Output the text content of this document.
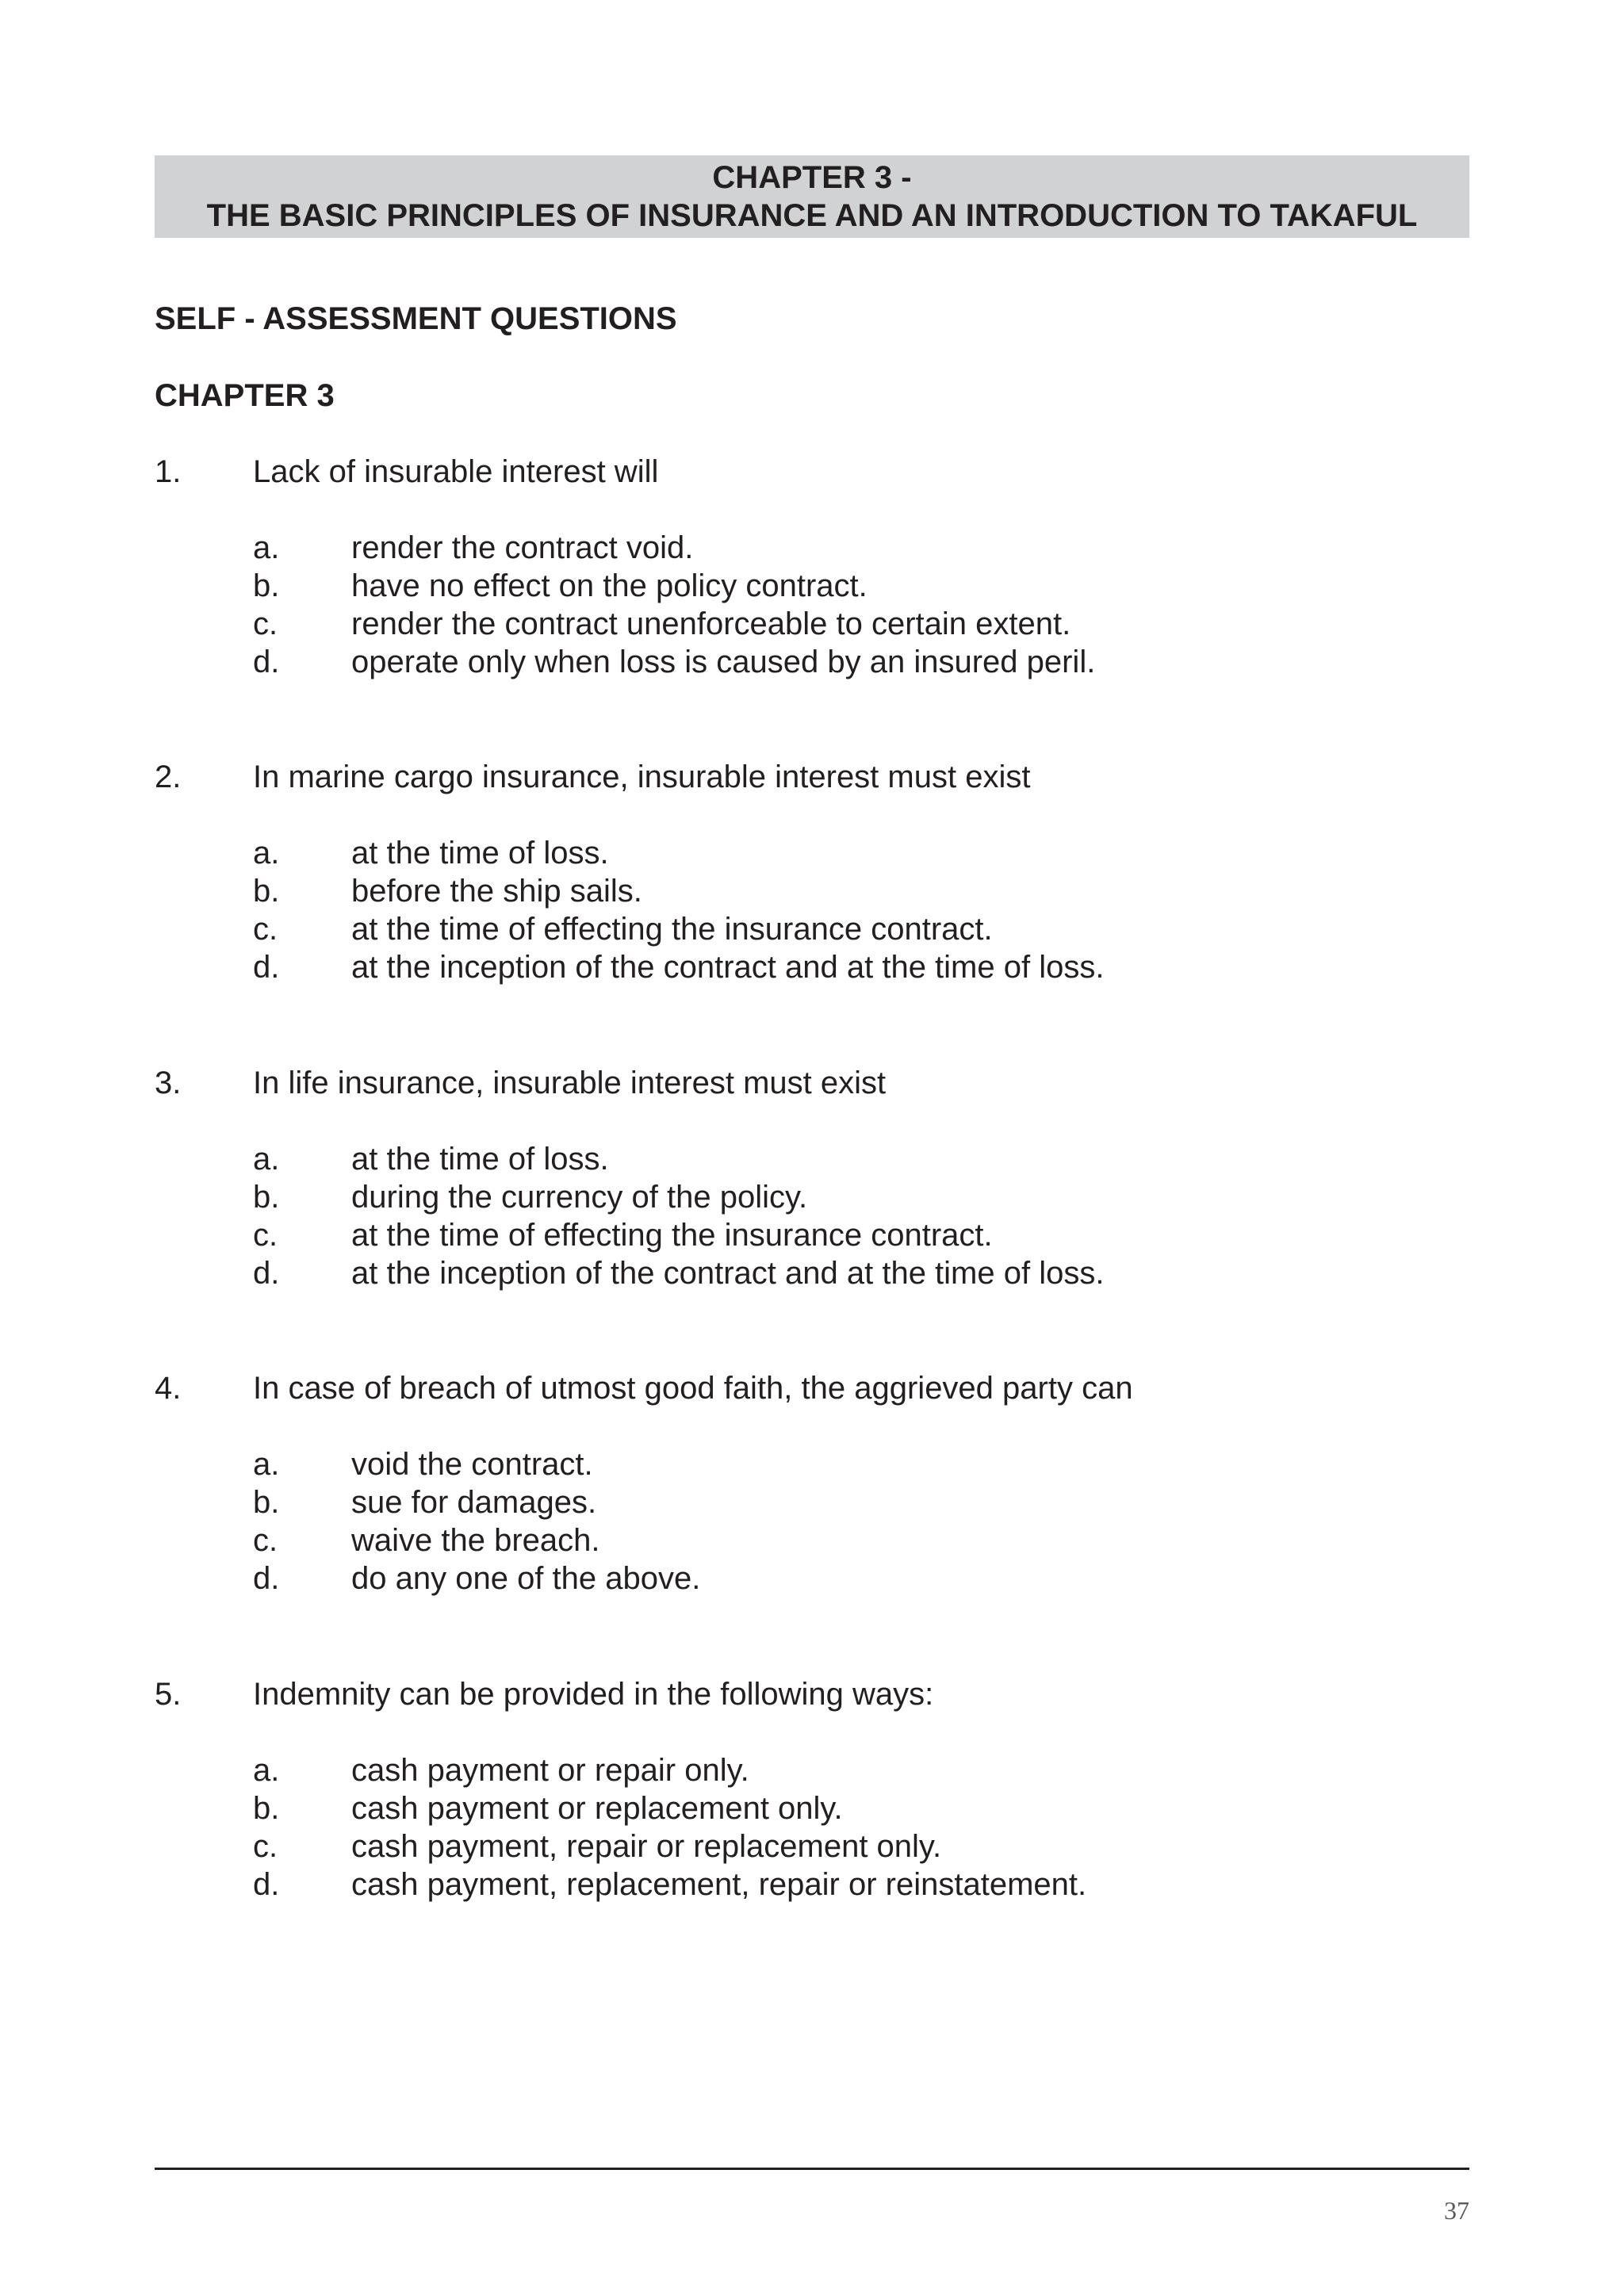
CHAPTER 3 -
THE BASIC PRINCIPLES OF INSURANCE AND AN INTRODUCTION TO TAKAFUL
SELF - ASSESSMENT QUESTIONS
CHAPTER 3
1. Lack of insurable interest will
a. render the contract void.
b. have no effect on the policy contract.
c. render the contract unenforceable to certain extent.
d. operate only when loss is caused by an insured peril.
2. In marine cargo insurance, insurable interest must exist
a. at the time of loss.
b. before the ship sails.
c. at the time of effecting the insurance contract.
d. at the inception of the contract and at the time of loss.
3. In life insurance, insurable interest must exist
a. at the time of loss.
b. during the currency of the policy.
c. at the time of effecting the insurance contract.
d. at the inception of the contract and at the time of loss.
4. In case of breach of utmost good faith, the aggrieved party can
a. void the contract.
b. sue for damages.
c. waive the breach.
d. do any one of the above.
5. Indemnity can be provided in the following ways:
a. cash payment or repair only.
b. cash payment or replacement only.
c. cash payment, repair or replacement only.
d. cash payment, replacement, repair or reinstatement.
37
